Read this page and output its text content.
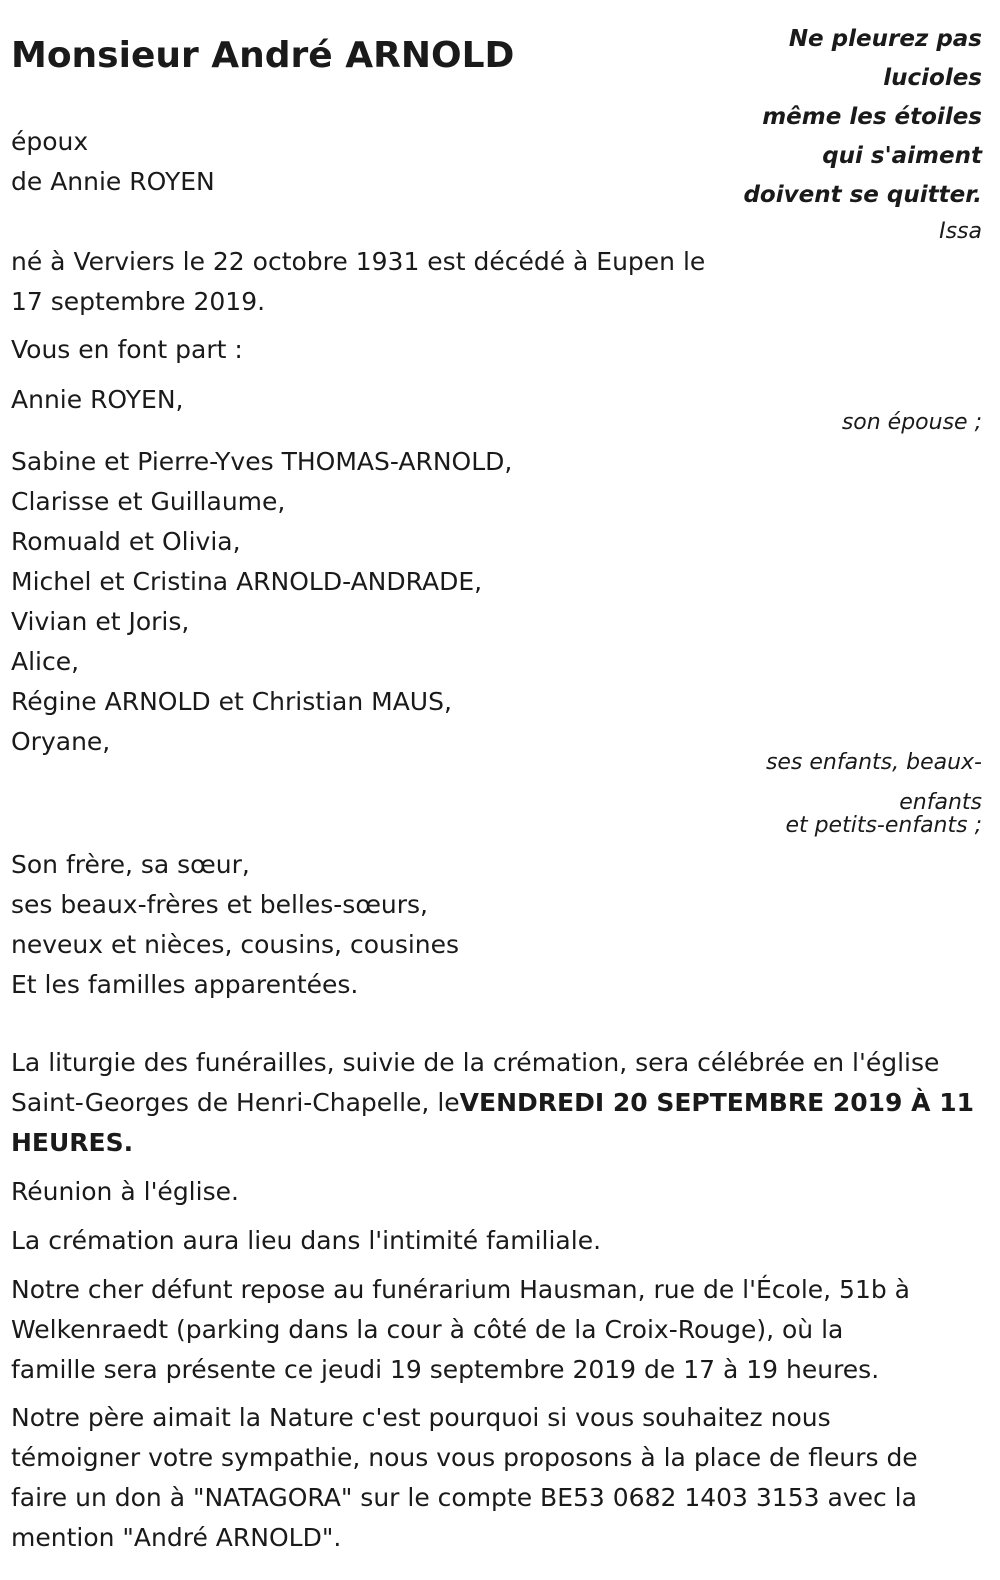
Monsieur André ARNOLD	Ne pleurez pas
lucioles
même les étoiles
qui s'aiment
doivent se quitter.
Issa

époux

de Annie ROYEN

né à Verviers le 22 octobre 1931 est décédé à Eupen le

17 septembre 2019.

Vous en font part :

Annie ROYEN,

son épouse ;

Sabine et Pierre-Yves THOMAS-ARNOLD,

Clarisse et Guillaume,

Romuald et Olivia,

Michel et Cristina ARNOLD-ANDRADE,

Vivian et Joris,

Alice,

Régine ARNOLD et Christian MAUS,

Oryane,

ses enfants, beaux-
enfants
et petits-enfants ;

Son frère, sa sœur,

ses beaux-frères et belles-sœurs,

neveux et nièces, cousins, cousines

Et les familles apparentées.

La liturgie des funérailles, suivie de la crémation, sera célébrée en l'église

Saint-Georges de Henri-Chapelle, leVENDREDI 20 SEPTEMBRE 2019 À 11

HEURES.

Réunion à l'église.

La crémation aura lieu dans l'intimité familiale.

Notre cher défunt repose au funérarium Hausman, rue de l'École, 51b à

Welkenraedt (parking dans la cour à côté de la Croix-Rouge), où la

famille sera présente ce jeudi 19 septembre 2019 de 17 à 19 heures.

Notre père aimait la Nature c'est pourquoi si vous souhaitez nous

témoigner votre sympathie, nous vous proposons à la place de fleurs de

faire un don à "NATAGORA" sur le compte BE53 0682 1403 3153 avec la

mention "André ARNOLD".
